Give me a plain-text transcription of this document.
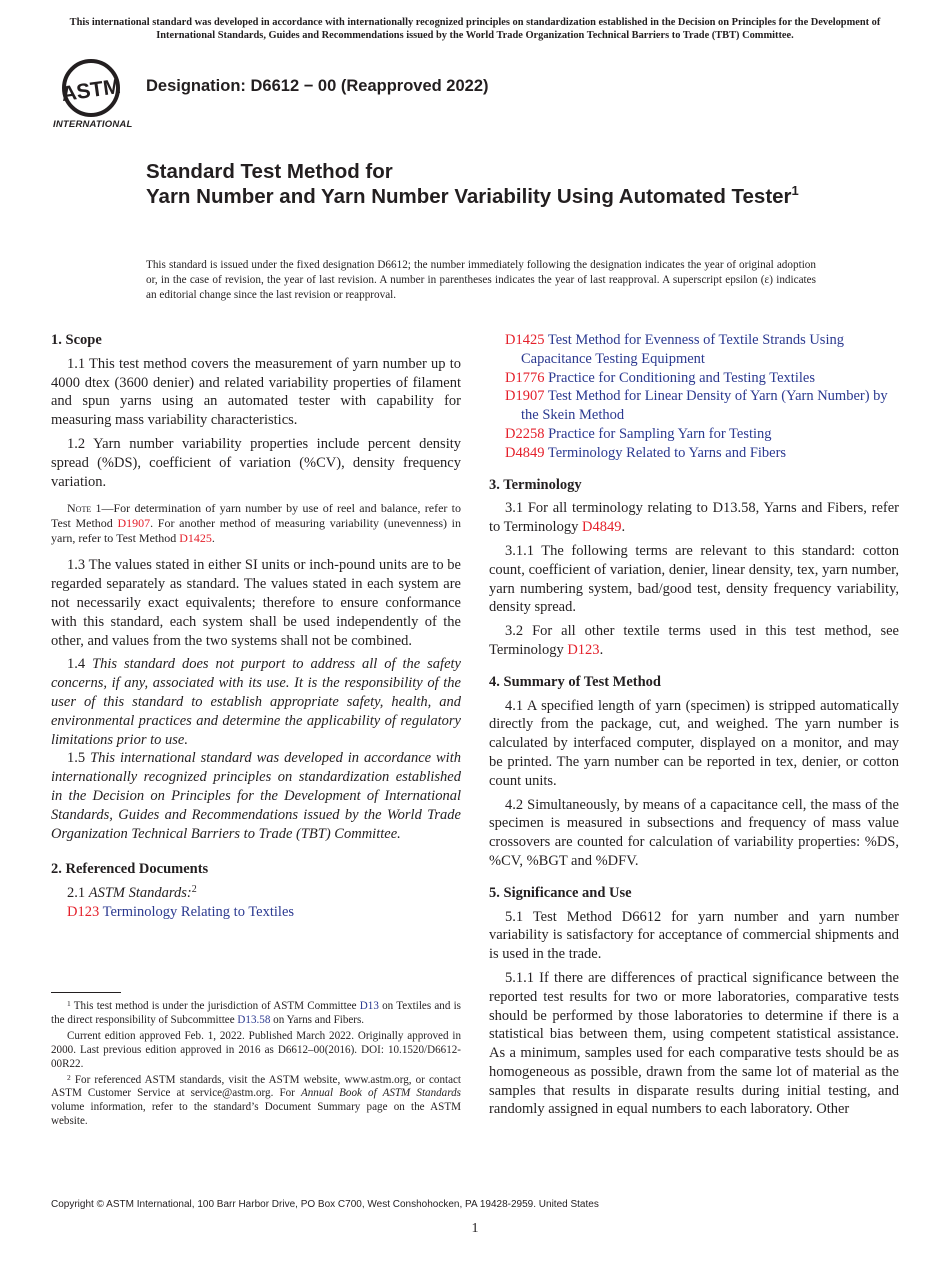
This international standard was developed in accordance with internationally recognized principles on standardization established in the Decision on Principles for the Development of International Standards, Guides and Recommendations issued by the World Trade Organization Technical Barriers to Trade (TBT) Committee.
ASTM
INTERNATIONAL
Designation: D6612 − 00 (Reapproved 2022)
Standard Test Method for
Yarn Number and Yarn Number Variability Using Automated Tester$^1$
This standard is issued under the fixed designation D6612; the number immediately following the designation indicates the year of original adoption or, in the case of revision, the year of last revision. A number in parentheses indicates the year of last reapproval. A superscript epsilon (ε) indicates an editorial change since the last revision or reapproval.
1. Scope

1.1 This test method covers the measurement of yarn number up to 4000 dtex (3600 denier) and related variability properties of filament and spun yarns using an automated tester with capability for measuring mass variability characteristics.

1.2 Yarn number variability properties include percent density spread (%DS), coefficient of variation (%CV), density frequency variation.

Note 1—For determination of yarn number by use of reel and balance, refer to Test Method D1907. For another method of measuring variability (unevenness) in yarn, refer to Test Method D1425.

1.3 The values stated in either SI units or inch-pound units are to be regarded separately as standard. The values stated in each system are not necessarily exact equivalents; therefore to ensure conformance with this standard, each system shall be used independently of the other, and values from the two systems shall not be combined.

1.4 This standard does not purport to address all of the safety concerns, if any, associated with its use. It is the responsibility of the user of this standard to establish appropriate safety, health, and environmental practices and determine the applicability of regulatory limitations prior to use.

1.5 This international standard was developed in accordance with internationally recognized principles on standardization established in the Decision on Principles for the Development of International Standards, Guides and Recommendations issued by the World Trade Organization Technical Barriers to Trade (TBT) Committee.

2. Referenced Documents

2.1 ASTM Standards:$^2$

D123 Terminology Relating to Textiles

$^1$ This test method is under the jurisdiction of ASTM Committee D13 on Textiles and is the direct responsibility of Subcommittee D13.58 on Yarns and Fibers.

Current edition approved Feb. 1, 2022. Published March 2022. Originally approved in 2000. Last previous edition approved in 2016 as D6612–00(2016). DOI: 10.1520/D6612-00R22.

$^2$ For referenced ASTM standards, visit the ASTM website, www.astm.org, or contact ASTM Customer Service at service@astm.org. For Annual Book of ASTM Standards volume information, refer to the standard’s Document Summary page on the ASTM website.

D1425 Test Method for Evenness of Textile Strands Using Capacitance Testing Equipment
D1776 Practice for Conditioning and Testing Textiles
D1907 Test Method for Linear Density of Yarn (Yarn Number) by the Skein Method
D2258 Practice for Sampling Yarn for Testing
D4849 Terminology Related to Yarns and Fibers
3. Terminology

3.1 For all terminology relating to D13.58, Yarns and Fibers, refer to Terminology D4849.

3.1.1 The following terms are relevant to this standard: cotton count, coefficient of variation, denier, linear density, tex, yarn number, yarn numbering system, bad/good test, density frequency variability, density spread.

3.2 For all other textile terms used in this test method, see Terminology D123.

4. Summary of Test Method

4.1 A specified length of yarn (specimen) is stripped automatically directly from the package, cut, and weighed. The yarn number is calculated by interfaced computer, displayed on a monitor, and may be printed. The yarn number can be reported in tex, denier, or cotton count units.

4.2 Simultaneously, by means of a capacitance cell, the mass of the specimen is measured in subsections and frequency of mass value crossovers are counted for calculation of variability properties: %DS, %CV, %BGT and %DFV.

5. Significance and Use

5.1 Test Method D6612 for yarn number and yarn number variability is satisfactory for acceptance of commercial shipments and is used in the trade.

5.1.1 If there are differences of practical significance between the reported test results for two or more laboratories, comparative tests should be performed by those laboratories to determine if there is a statistical bias between them, using competent statistical assistance. As a minimum, samples used for each comparative tests should be as homogeneous as possible, drawn from the same lot of material as the samples that results in disparate results during initial testing, and randomly assigned in equal numbers to each laboratory. Other

Copyright © ASTM International, 100 Barr Harbor Drive, PO Box C700, West Conshohocken, PA 19428-2959. United States
1
